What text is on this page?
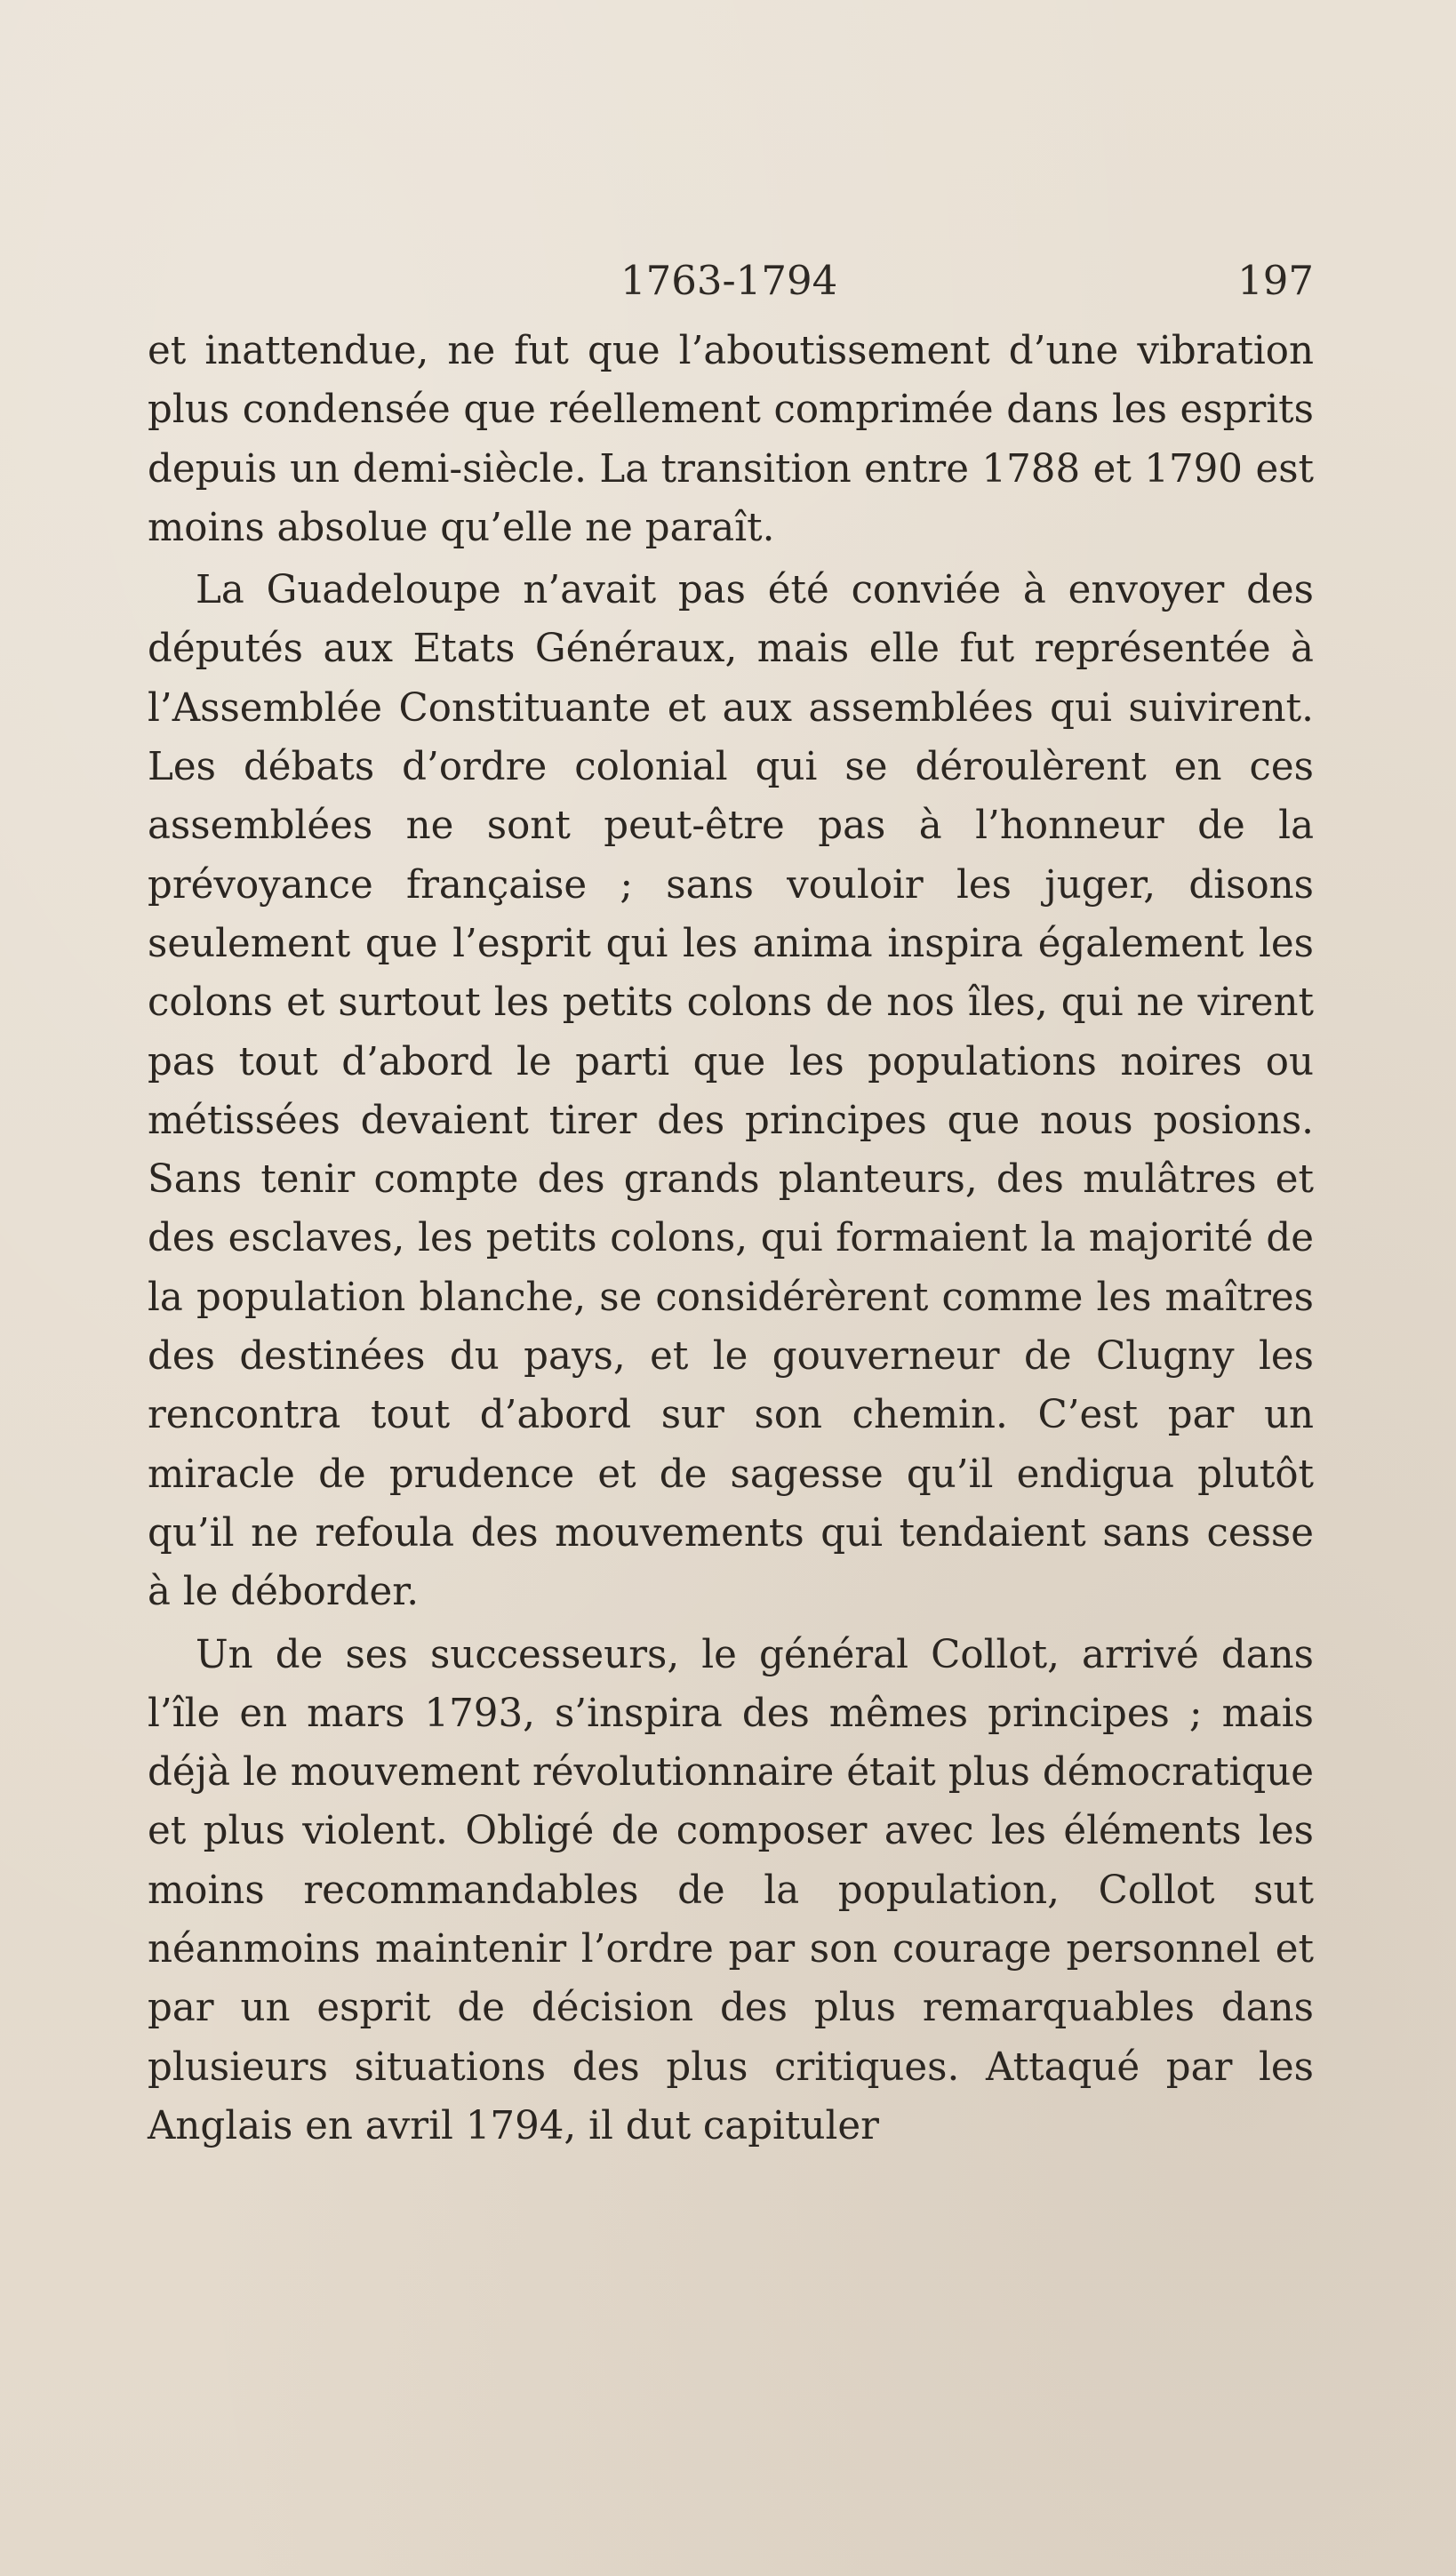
1763-1794	197

et inattendue, ne fut que l’aboutissement d’une vibration plus condensée que réellement comprimée dans les esprits depuis un demi-siècle. La transition entre 1788 et 1790 est moins absolue qu’elle ne paraît.

La Guadeloupe n’avait pas été conviée à envoyer des députés aux Etats Généraux, mais elle fut représentée à l’Assemblée Constituante et aux assemblées qui suivirent. Les débats d’ordre colonial qui se déroulèrent en ces assemblées ne sont peut-être pas à l’honneur de la prévoyance française ; sans vouloir les juger, disons seulement que l’esprit qui les anima inspira également les colons et surtout les petits colons de nos îles, qui ne virent pas tout d’abord le parti que les populations noires ou métissées devaient tirer des principes que nous posions. Sans tenir compte des grands planteurs, des mulâtres et des esclaves, les petits colons, qui formaient la majorité de la population blanche, se considérèrent comme les maîtres des destinées du pays, et le gouverneur de Clugny les rencontra tout d’abord sur son chemin. C’est par un miracle de prudence et de sagesse qu’il endigua plutôt qu’il ne refoula des mouvements qui tendaient sans cesse à le déborder.

Un de ses successeurs, le général Collot, arrivé dans l’île en mars 1793, s’inspira des mêmes principes ; mais déjà le mouvement révolutionnaire était plus démocratique et plus violent. Obligé de composer avec les éléments les moins recommandables de la population, Collot sut néanmoins maintenir l’ordre par son courage personnel et par un esprit de décision des plus remarquables dans plusieurs situations des plus critiques. Attaqué par les Anglais en avril 1794, il dut capituler
